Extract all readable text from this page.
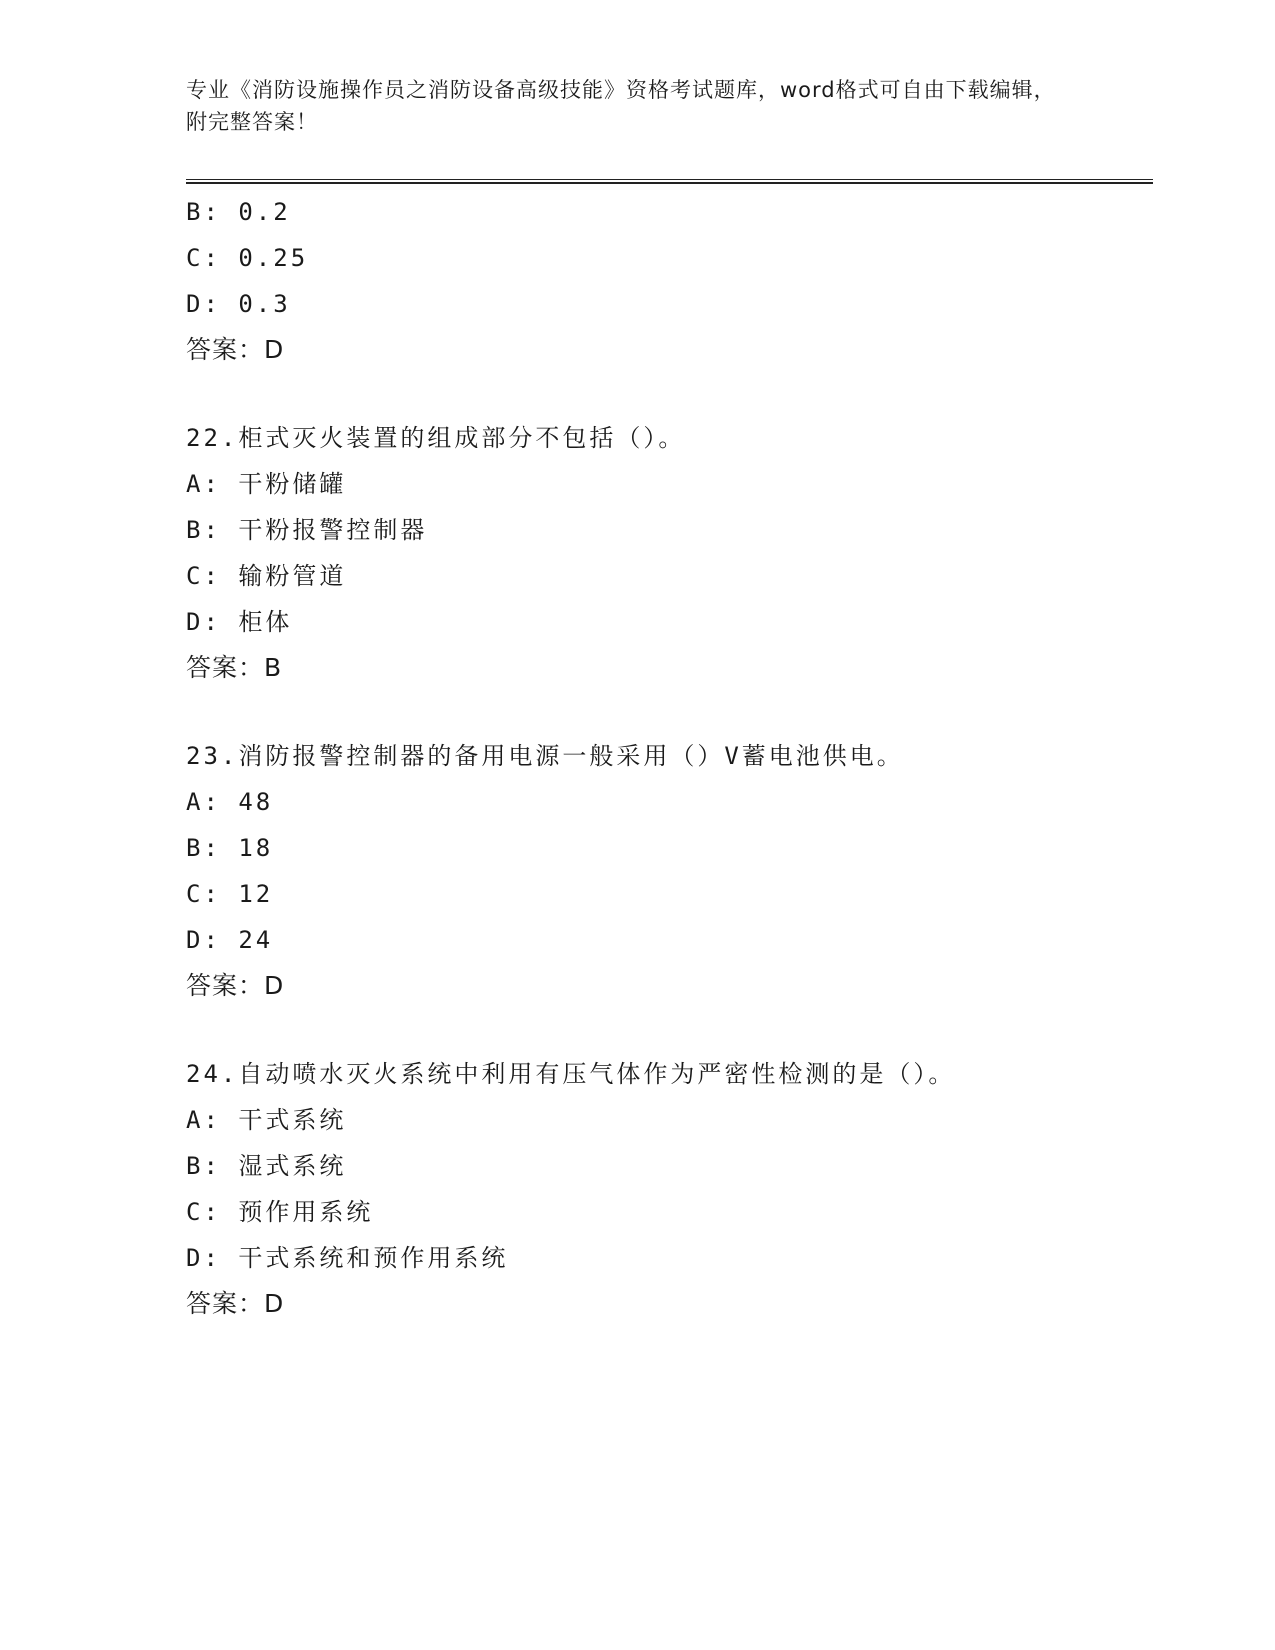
专业《消防设施操作员之消防设备高级技能》资格考试题库，word格式可自由下载编辑，附完整答案！
B: 0.2
C: 0.25
D: 0.3
答案：D
22.柜式灭火装置的组成部分不包括（）。
A: 干粉储罐
B: 干粉报警控制器
C: 输粉管道
D: 柜体
答案：B
23.消防报警控制器的备用电源一般采用（）V蓄电池供电。
A: 48
B: 18
C: 12
D: 24
答案：D
24.自动喷水灭火系统中利用有压气体作为严密性检测的是（）。
A: 干式系统
B: 湿式系统
C: 预作用系统
D: 干式系统和预作用系统
答案：D
